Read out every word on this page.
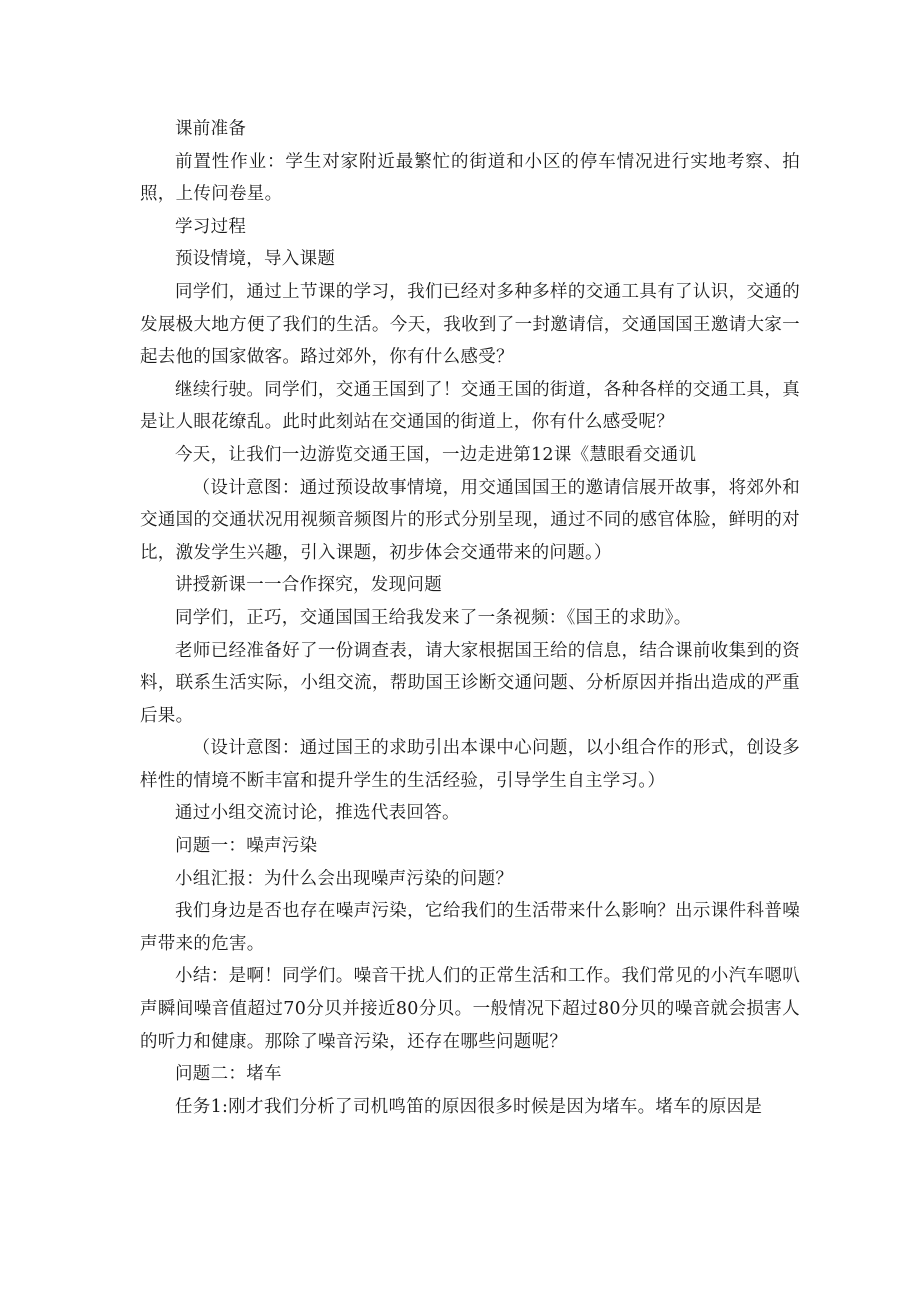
课前准备

前置性作业：学生对家附近最繁忙的街道和小区的停车情况进行实地考察、拍照，上传问卷星。

学习过程

预设情境，导入课题

同学们，通过上节课的学习，我们已经对多种多样的交通工具有了认识，交通的发展极大地方便了我们的生活。今天，我收到了一封邀请信，交通国国王邀请大家一起去他的国家做客。路过郊外，你有什么感受？

继续行驶。同学们，交通王国到了！交通王国的街道，各种各样的交通工具，真是让人眼花缭乱。此时此刻站在交通国的街道上，你有什么感受呢？

今天，让我们一边游览交通王国，一边走进第12课《慧眼看交通讥

（设计意图：通过预设故事情境，用交通国国王的邀请信展开故事，将郊外和交通国的交通状况用视频音频图片的形式分别呈现，通过不同的感官体脸，鲜明的对比，激发学生兴趣，引入课题，初步体会交通带来的问题。）

讲授新课一一合作探究，发现问题

同学们，正巧，交通国国王给我发来了一条视频：《国王的求助》。

老师已经准备好了一份调查表，请大家根据国王给的信息，结合课前收集到的资料，联系生活实际，小组交流，帮助国王诊断交通问题、分析原因并指出造成的严重后果。

（设计意图：通过国王的求助引出本课中心问题，以小组合作的形式，创设多样性的情境不断丰富和提升学生的生活经验，引导学生自主学习。）

通过小组交流讨论，推选代表回答。

问题一：噪声污染

小组汇报：为什么会出现噪声污染的问题？

我们身边是否也存在噪声污染，它给我们的生活带来什么影响？出示课件科普噪声带来的危害。

小结：是啊！同学们。噪音干扰人们的正常生活和工作。我们常见的小汽车嗯叭声瞬间噪音值超过70分贝并接近80分贝。一般情况下超过80分贝的噪音就会损害人的听力和健康。那除了噪音污染，还存在哪些问题呢？

问题二：堵车

任务1:刚才我们分析了司机鸣笛的原因很多时候是因为堵车。堵车的原因是
